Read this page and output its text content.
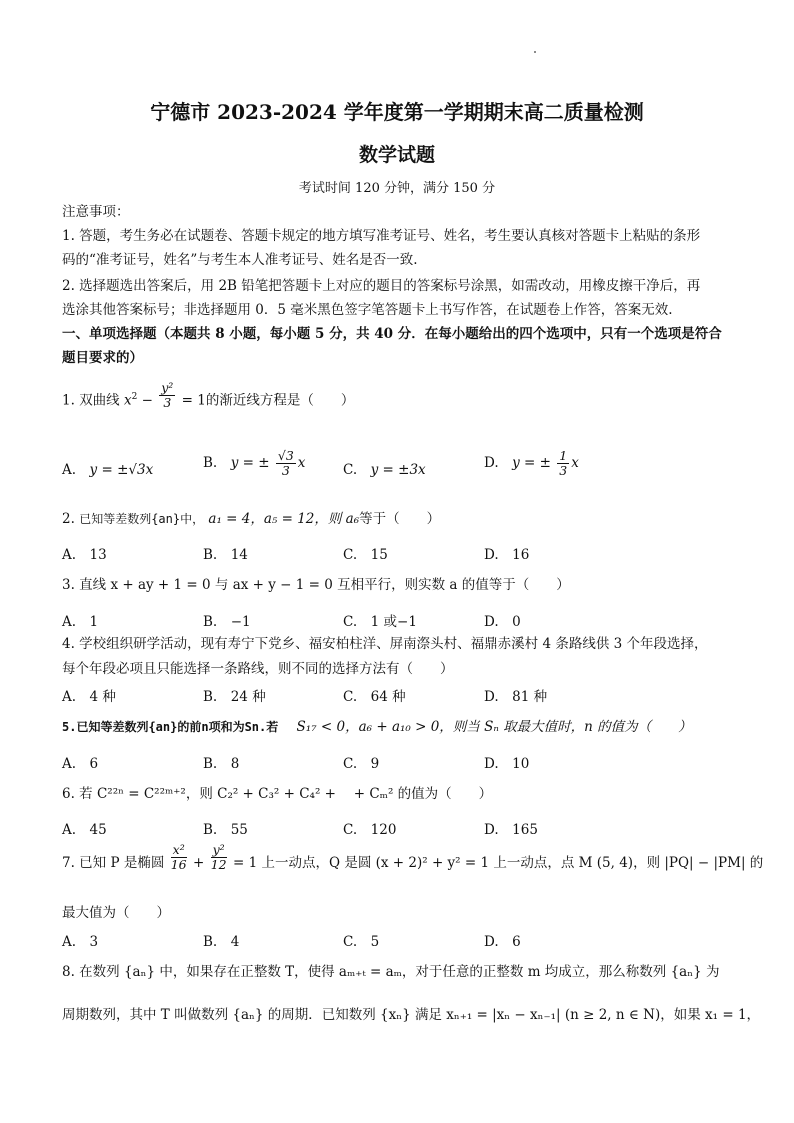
宁德市 2023-2024 学年度第一学期期末高二质量检测
数学试题
考试时间 120 分钟，满分 150 分
注意事项：
1. 答题，考生务必在试题卷、答题卡规定的地方填写准考证号、姓名，考生要认真核对答题卡上粘贴的条形
码的“准考证号，姓名”与考生本人准考证号、姓名是否一致.
2. 选择题选出答案后，用 2B 铅笔把答题卡上对应的题目的答案标号涂黑，如需改动，用橡皮擦干净后，再
选涂其他答案标号；非选择题用 0．5 毫米黑色签字笔答题卡上书写作答，在试题卷上作答，答案无效.
一、单项选择题（本题共 8 小题，每小题 5 分，共 40 分．在每小题给出的四个选项中，只有一个选项是符合
题目要求的）
1. 双曲线 $x^2 - \frac{\text{y²}}{3} = 1$的渐近线方程是（　　）
A.　 y = ±√3x	B.　 y = ± $\frac{√3}{3}$ x	C.　 y = ±3x	D.　 y = ± $\frac{1}{3}$ x
2. 已知等差数列{an}中， a₁ = 4，a₅ = 12，则 a₆等于（　　）
A.　 13	B.　 14	C.　 15	D.　 16
3. 直线 x + ay + 1 = 0 与 ax + y − 1 = 0 互相平行，则实数 a 的值等于（　　）
A.　 1	B.　 −1	C.　 1 或−1	D.　 0
4. 学校组织研学活动，现有寿宁下党乡、福安柏柱洋、屏南漈头村、福鼎赤溪村 4 条路线供 3 个年段选择，
每个年段必项且只能选择一条路线，则不同的选择方法有（　　）
A.　 4 种	B.　 24 种	C.　 64 种	D.　 81 种
5.已知等差数列{an}的前n项和为Sn.若 S₁₇ < 0，a₆ + a₁₀ > 0，则当 Sₙ 取最大值时，n 的值为（　　）
A.　 6	B.　 8	C.　 9	D.　 10
6. 若 C²²ⁿ = C²²ᵐ⁺²，则 C₂² + C₃² + C₄² +　 + Cₘ² 的值为（　　）
A.　 45	B.　 55	C.　 120	D.　 165
7. 已知 P 是椭圆 $\frac{\text{x²}}{16} + \frac{\text{y²}}{12} = 1$ 上一动点，Q 是圆 (x + 2)² + y² = 1 上一动点，点 M (5, 4)，则 |PQ| − |PM| 的
最大值为（　　）
A.　 3	B.　 4	C.　 5	D.　 6
8. 在数列 {aₙ} 中，如果存在正整数 T，使得 aₘ₊ₜ = aₘ，对于任意的正整数 m 均成立，那么称数列 {aₙ} 为
周期数列，其中 T 叫做数列 {aₙ} 的周期．已知数列 {xₙ} 满足 xₙ₊₁ = |xₙ − xₙ₋₁| (n ≥ 2, n ∈ N)，如果 x₁ = 1，
